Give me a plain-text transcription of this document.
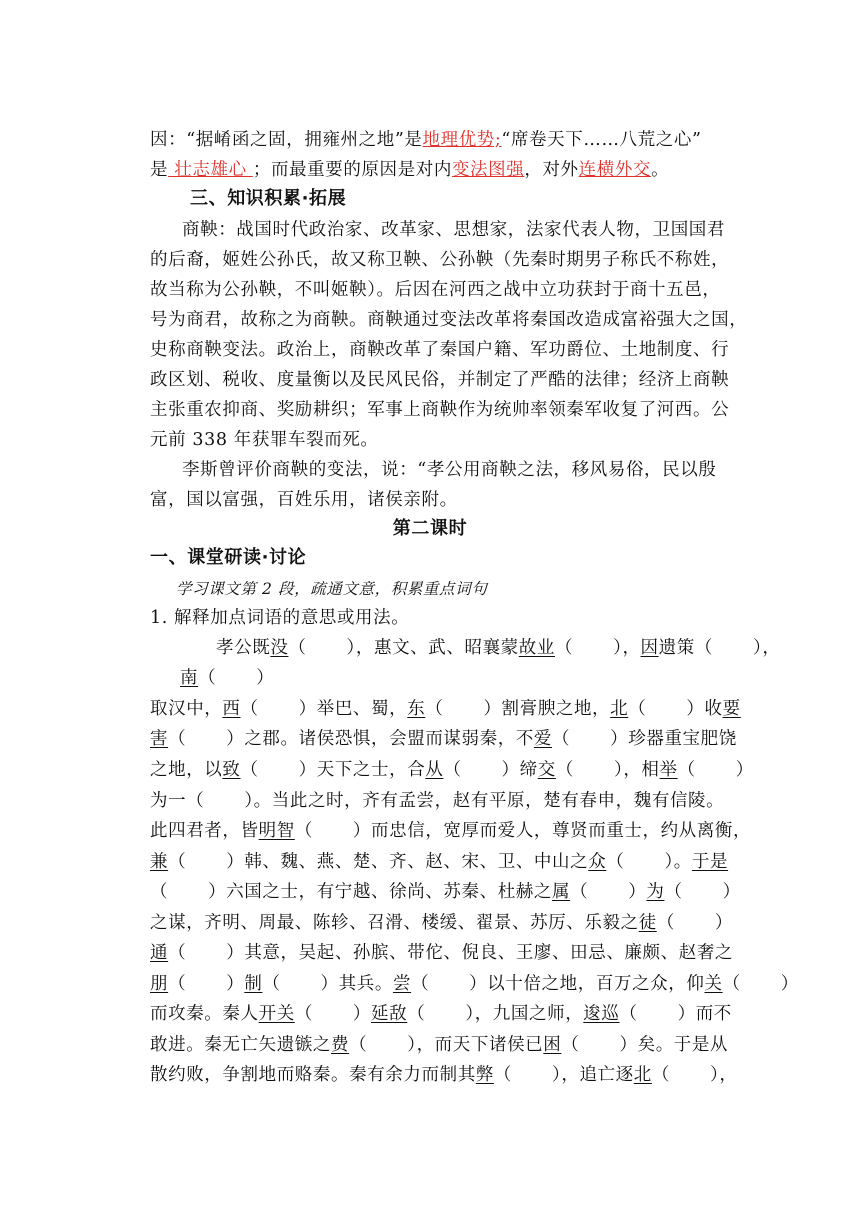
因：“据崤函之固，拥雍州之地”是地理优势;“席卷天下……八荒之心”
是 壮志雄心 ；而最重要的原因是对内变法图强，对外连横外交。
三、知识积累·拓展
商鞅：战国时代政治家、改革家、思想家，法家代表人物，卫国国君
的后裔，姬姓公孙氏，故又称卫鞅、公孙鞅（先秦时期男子称氏不称姓，
故当称为公孙鞅，不叫姬鞅）。后因在河西之战中立功获封于商十五邑，
号为商君，故称之为商鞅。商鞅通过变法改革将秦国改造成富裕强大之国，
史称商鞅变法。政治上，商鞅改革了秦国户籍、军功爵位、土地制度、行
政区划、税收、度量衡以及民风民俗，并制定了严酷的法律；经济上商鞅
主张重农抑商、奖励耕织；军事上商鞅作为统帅率领秦军收复了河西。公
元前 338 年获罪车裂而死。
李斯曾评价商鞅的变法，说：“孝公用商鞅之法，移风易俗，民以殷
富，国以富强，百姓乐用，诸侯亲附。
第二课时
一、课堂研读·讨论
学习课文第 2 段，疏通文意，积累重点词句
1. 解释加点词语的意思或用法。
孝公既没（ ），惠文、武、昭襄蒙故业（ ），因遗策（ ），
南（ ）
取汉中，西（ ）举巴、蜀，东（ ）割膏腴之地，北（ ）收要
害（ ）之郡。诸侯恐惧，会盟而谋弱秦，不爱（ ）珍器重宝肥饶
之地，以致（ ）天下之士，合从（ ）缔交（ ），相举（ ）
为一（ ）。当此之时，齐有孟尝，赵有平原，楚有春申，魏有信陵。
此四君者，皆明智（ ）而忠信，宽厚而爱人，尊贤而重士，约从离衡，
兼（ ）韩、魏、燕、楚、齐、赵、宋、卫、中山之众（ ）。于是
（ ）六国之士，有宁越、徐尚、苏秦、杜赫之属（ ）为（ ）
之谋，齐明、周最、陈轸、召滑、楼缓、翟景、苏厉、乐毅之徒（ ）
通（ ）其意，吴起、孙膑、带佗、倪良、王廖、田忌、廉颇、赵奢之
朋（ ）制（ ）其兵。尝（ ）以十倍之地，百万之众，仰关（ ）
而攻秦。秦人开关（ ）延敌（ ），九国之师，逡巡（ ）而不
敢进。秦无亡矢遗镞之费（ ），而天下诸侯已困（ ）矣。于是从
散约败，争割地而赂秦。秦有余力而制其弊（ ），追亡逐北（ ），
